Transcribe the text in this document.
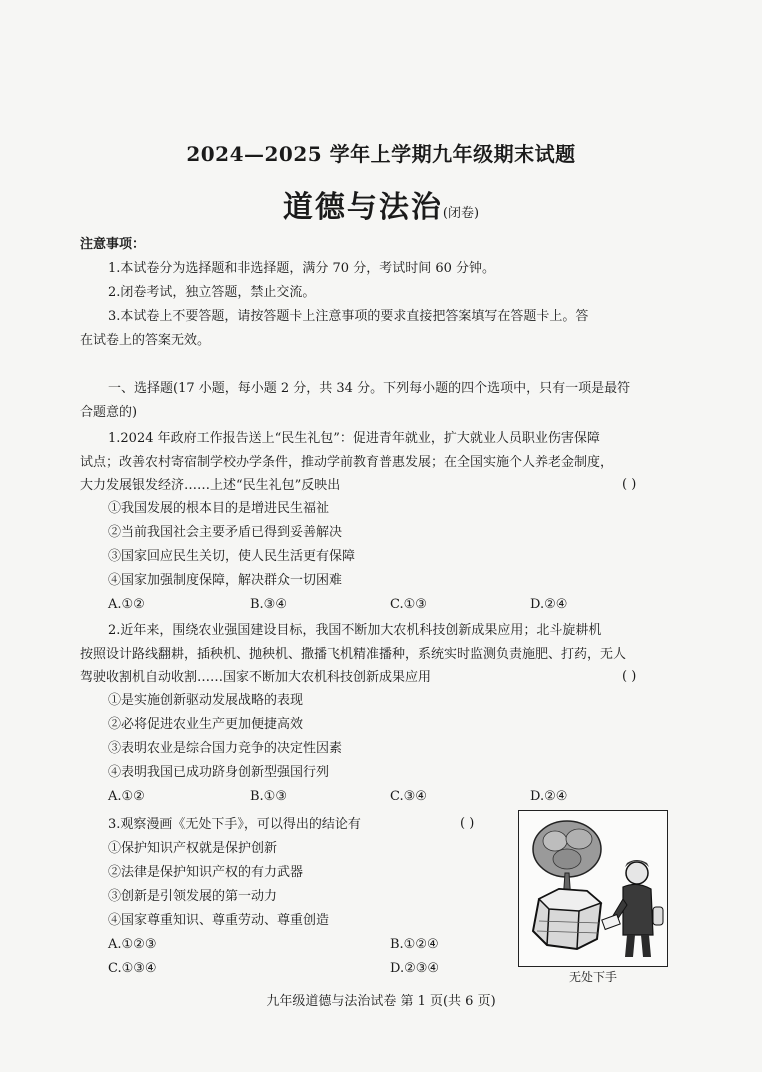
2024—2025 学年上学期九年级期末试题
道德与法治(闭卷)
注意事项：
1.本试卷分为选择题和非选择题，满分 70 分，考试时间 60 分钟。
2.闭卷考试，独立答题，禁止交流。
3.本试卷上不要答题，请按答题卡上注意事项的要求直接把答案填写在答题卡上。答
在试卷上的答案无效。
一、选择题(17 小题，每小题 2 分，共 34 分。下列每小题的四个选项中，只有一项是最符
合题意的)
1.2024 年政府工作报告送上“民生礼包”：促进青年就业，扩大就业人员职业伤害保障
试点；改善农村寄宿制学校办学条件，推动学前教育普惠发展；在全国实施个人养老金制度，
大力发展银发经济……上述“民生礼包”反映出	( )
①我国发展的根本目的是增进民生福祉
②当前我国社会主要矛盾已得到妥善解决
③国家回应民生关切，使人民生活更有保障
④国家加强制度保障，解决群众一切困难
A.①②	B.③④	C.①③	D.②④
2.近年来，围绕农业强国建设目标，我国不断加大农机科技创新成果应用；北斗旋耕机
按照设计路线翻耕，插秧机、抛秧机、撒播飞机精准播种，系统实时监测负责施肥、打药，无人
驾驶收割机自动收割……国家不断加大农机科技创新成果应用	( )
①是实施创新驱动发展战略的表现
②必将促进农业生产更加便捷高效
③表明农业是综合国力竞争的决定性因素
④表明我国已成功跻身创新型强国行列
A.①②	B.①③	C.③④	D.②④
3.观察漫画《无处下手》，可以得出的结论有	( )
①保护知识产权就是保护创新
②法律是保护知识产权的有力武器
③创新是引领发展的第一动力
④国家尊重知识、尊重劳动、尊重创造
A.①②③	B.①②④
C.①③④	D.②③④
无处下手
九年级道德与法治试卷 第 1 页(共 6 页)
